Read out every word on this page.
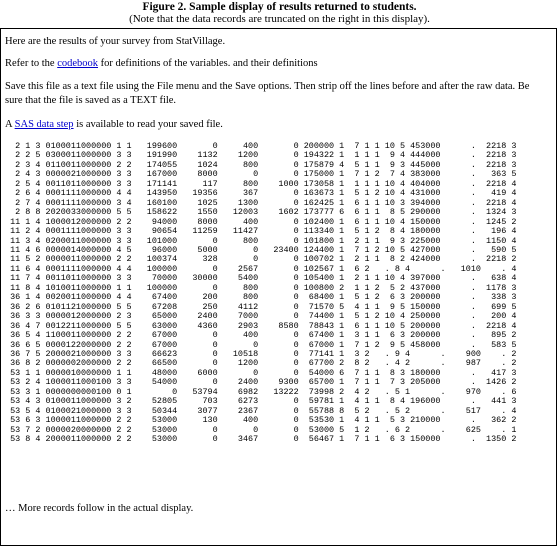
Figure 2. Sample display of results returned to students.
(Note that the data records are truncated on the right in this display).
Here are the results of your survey from StatVillage.
Refer to the codebook for definitions of the variables. and their definitions
Save this file as a text file using the File menu and the Save options. Then strip off the lines before and after the raw data. Be sure that the file is saved as a TEXT file.
A SAS data step is available to read your saved file.
2 1 3 0100011000000 1 1   199600       0     400       0 200000 1  7 1 1 10 5 453000      .  2218 3
2 2 5 0300011000000 3 3   191990    1132    1200       0 194322 1  1 1 1  9 4 444000      .  2218 3
2 3 4 0110011000000 2 2   174055    1024     800       0 175879 4  5 1 1  9 3 445000      .  2218 3
2 4 3 0000021000000 3 3   167000    8000       0       0 175000 1  7 1 2  7 4 383000      .   363 5
2 5 4 0011011000000 3 3   171141     117     800    1000 173058 1  1 1 1 10 4 404000      .  2218 4
2 6 4 0001111000000 4 4   143950   19356     367       0 163673 1  5 1 2 10 4 431000      .   419 4
2 7 4 0001111000000 3 4   160100    1025    1300       0 162425 1  6 1 1 10 3 394000      .  2218 4
2 8 8 2020033000000 5 5   158622    1550   12003    1602 173777 6  6 1 1  8 5 290000      .  1324 3
11 1 4 1000012000000 2 2    94000    8000     400       0 102400 1  6 1 1 10 4 150000      .  1245 2
11 2 4 0001111000000 3 3    90654   11259   11427       0 113340 1  5 1 2  8 4 180000      .   196 4
11 3 4 0200011000000 3 3   101000       0     800       0 101800 1  2 1 1  9 3 225000      .  1150 4
11 4 6 0000014000000 4 5    96000    5000       0   23400 124400 1  7 1 2 10 5 427000      .   590 5
11 5 2 0000011000000 2 2   100374     328       0       0 100702 1  2 1 1  8 2 424000      .  2218 2
11 6 4 0001111000000 4 4   100000       0    2567       0 102567 1  6 2   . 8 4      .   1010    . 4
11 7 4 0011011000000 3 3    70000   30000    5400       0 105400 1  2 1 1 10 4 397000      .   638 4
11 8 4 1010011000000 1 1   100000       0     800       0 100800 2  1 1 2  5 2 437000      .  1178 3
36 1 4 0020011000000 4 4    67400     200     800       0  68400 1  5 1 2  6 3 200000      .   338 3
36 2 6 0101121000000 5 5    67208     250    4112       0  71570 5  4 1 1  9 5 150000      .   699 5
36 3 3 0000012000000 2 3    65000    2400    7000       0  74400 1  5 1 2 10 4 250000      .   200 4
36 4 7 0012211000000 5 5    63000    4360    2903    8580  78843 1  6 1 1 10 5 200000      .  2218 4
36 5 4 1100011000000 2 2    67000       0     400       0  67400 1  3 1 1  6 3 200000      .   895 2
36 6 5 0000122000000 2 2    67000       0       0       0  67000 1  7 1 2  9 5 458000      .   583 5
36 7 5 2000021000000 3 3    66623       0   10518       0  77141 1  3 2   . 9 4      .    900    . 2
36 8 2 0000002000000 2 2    66500       0    1200       0  67700 2  8 2   . 4 2      .    987    . 2
53 1 1 0000010000000 1 1    48000    6000       0       0  54000 6  7 1 1  8 3 180000      .   417 3
53 2 4 1000011000100 3 3    54000       0    2400    9300  65700 1  7 1 1  7 3 205000      .  1426 2
53 3 1 0000000000100 0 1        0   53794    6982   13222  73998 2  4 2   . 5 1      .    970    . 6
53 4 3 0100011000000 3 2    52805     703    6273       0  59781 1  4 1 1  8 4 196000      .   441 3
53 5 4 0100021000000 3 3    50344    3077    2367       0  55788 8  5 2   . 5 2      .    517    . 4
53 6 3 1000011000000 2 2    53000     130     400       0  53530 1  4 1 1  5 3 210000      .   362 2
53 7 2 0000020000000 2 2    53000       0       0       0  53000 5  1 2   . 6 2      .    625    . 1
53 8 4 2000011000000 2 2    53000       0    3467       0  56467 1  7 1 1  6 3 150000      .  1350 2
… More records follow in the actual display.
